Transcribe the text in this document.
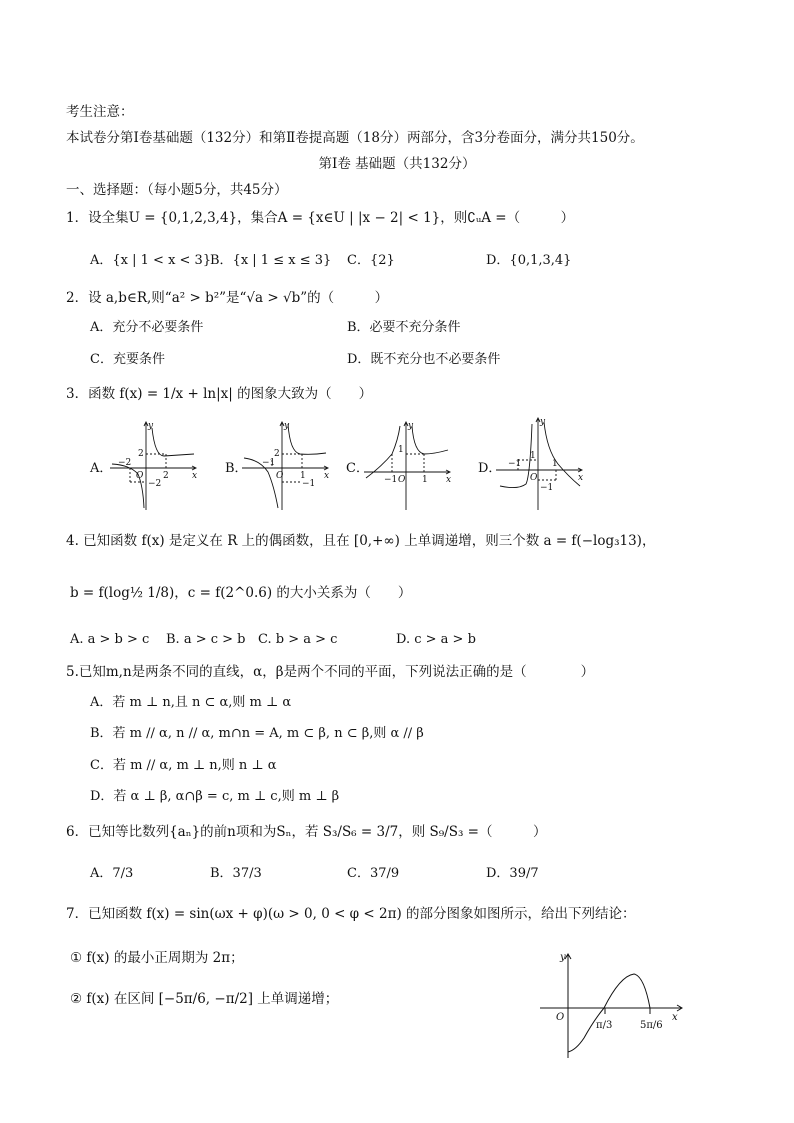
考生注意：
本试卷分第Ⅰ卷基础题（132分）和第Ⅱ卷提高题（18分）两部分，含3分卷面分，满分共150分。
第Ⅰ卷 基础题（共132分）
一、选择题：（每小题5分，共45分）
1．设全集U = {0,1,2,3,4}，集合A = {x∈U | |x − 2| < 1}，则∁ᵤA =（　　　）
A．{x | 1 < x < 3}
B．{x | 1 ≤ x ≤ 3} C．{2}	D．{0,1,3,4}
2．设 a,b∈R,则“a² > b²”是“√a > √b”的（　　　）
A．充分不必要条件	B．必要不充分条件
C．充要条件	D．既不充分也不必要条件
3．函数 f(x) = 1/x + ln|x| 的图象大致为（　　）
A．	B．	C．	D．
y
x
O
2
−2
2
−2
y
x
O
2
−1
1
−1
y
x
O
1
−1	1
y
x
O
1
−1	1
−1
4. 已知函数 f(x) 是定义在 R 上的偶函数，且在 [0,+∞) 上单调递增，则三个数 a = f(−log₃13)，
b = f(log½ 1/8)，c = f(2^0.6) 的大小关系为（　　）
A. a > b > c B. a > c > b C. b > a > c	D. c > a > b
5.已知m,n是两条不同的直线，α，β是两个不同的平面，下列说法正确的是（　　　　）
A．若 m ⊥ n,且 n ⊂ α,则 m ⊥ α
B．若 m // α, n // α, m∩n = A, m ⊂ β, n ⊂ β,则 α // β
C．若 m // α, m ⊥ n,则 n ⊥ α
D．若 α ⊥ β, α∩β = c, m ⊥ c,则 m ⊥ β
6．已知等比数列{aₙ}的前n项和为Sₙ，若 S₃/S₆ = 3/7，则 S₉/S₃ =（　　　）
A．7/3	B．37/3	C．37/9	D．39/7
7．已知函数 f(x) = sin(ωx + φ)(ω > 0, 0 < φ < 2π) 的部分图象如图所示，给出下列结论：
① f(x) 的最小正周期为 2π；
② f(x) 在区间 [−5π/6, −π/2] 上单调递增；
y
x
O
π/3	5π/6
